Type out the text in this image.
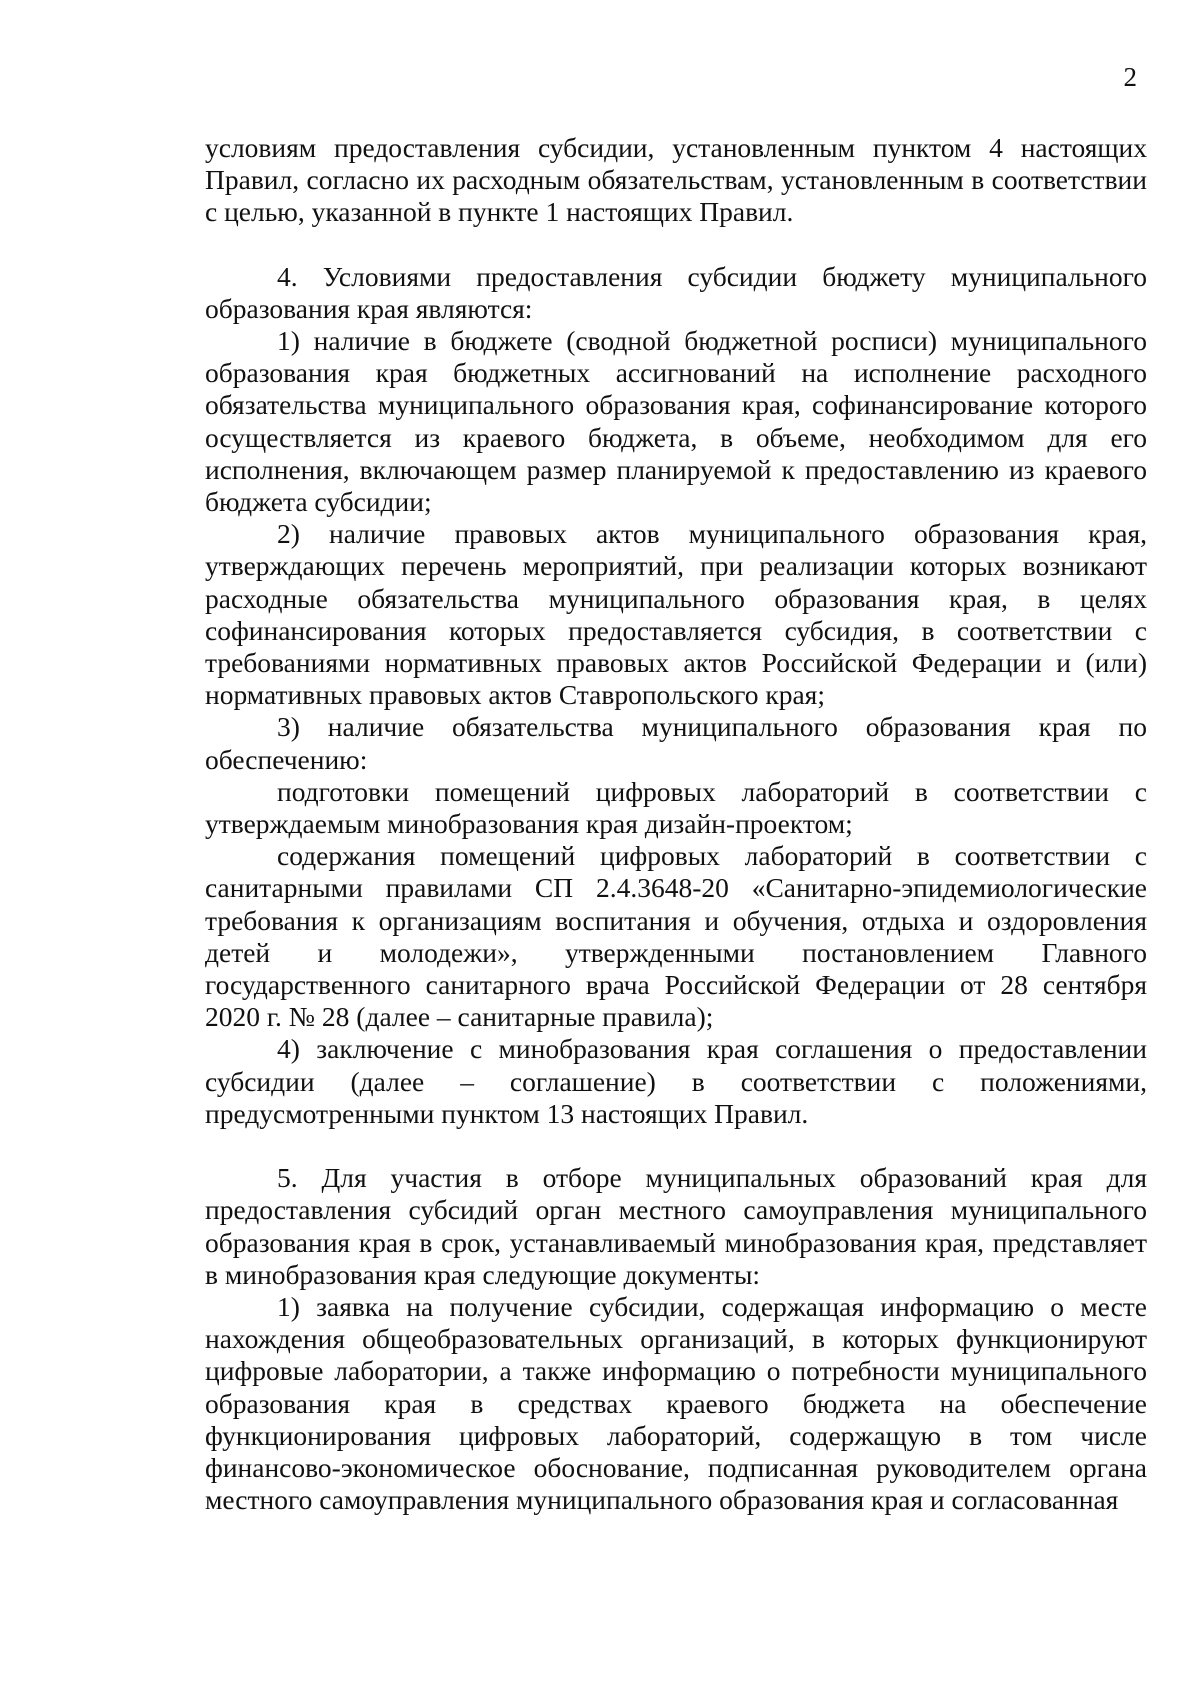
2

условиям предоставления субсидии, установленным пунктом 4 настоящих Правил, согласно их расходным обязательствам, установленным в соответствии с целью, указанной в пункте 1 настоящих Правил.

4. Условиями предоставления субсидии бюджету муниципального образования края являются:

1) наличие в бюджете (сводной бюджетной росписи) муниципального образования края бюджетных ассигнований на исполнение расходного обязательства муниципального образования края, софинансирование которого осуществляется из краевого бюджета, в объеме, необходимом для его исполнения, включающем размер планируемой к предоставлению из краевого бюджета субсидии;

2) наличие правовых актов муниципального образования края, утверждающих перечень мероприятий, при реализации которых возникают расходные обязательства муниципального образования края, в целях софинансирования которых предоставляется субсидия, в соответствии с требованиями нормативных правовых актов Российской Федерации и (или) нормативных правовых актов Ставропольского края;

3) наличие обязательства муниципального образования края по обеспечению:

подготовки помещений цифровых лабораторий в соответствии с утверждаемым минобразования края дизайн-проектом;

содержания помещений цифровых лабораторий в соответствии с санитарными правилами СП 2.4.3648-20 «Санитарно-эпидемиологические требования к организациям воспитания и обучения, отдыха и оздоровления детей и молодежи», утвержденными постановлением Главного государственного санитарного врача Российской Федерации от 28 сентября 2020 г. № 28 (далее – санитарные правила);

4) заключение с минобразования края соглашения о предоставлении субсидии (далее – соглашение) в соответствии с положениями, предусмотренными пунктом 13 настоящих Правил.

5. Для участия в отборе муниципальных образований края для предоставления субсидий орган местного самоуправления муниципального образования края в срок, устанавливаемый минобразования края, представляет в минобразования края следующие документы:

1) заявка на получение субсидии, содержащая информацию о месте нахождения общеобразовательных организаций, в которых функционируют цифровые лаборатории, а также информацию о потребности муниципального образования края в средствах краевого бюджета на обеспечение функционирования цифровых лабораторий, содержащую в том числе финансово-экономическое обоснование, подписанная руководителем органа местного самоуправления муниципального образования края и согласованная
